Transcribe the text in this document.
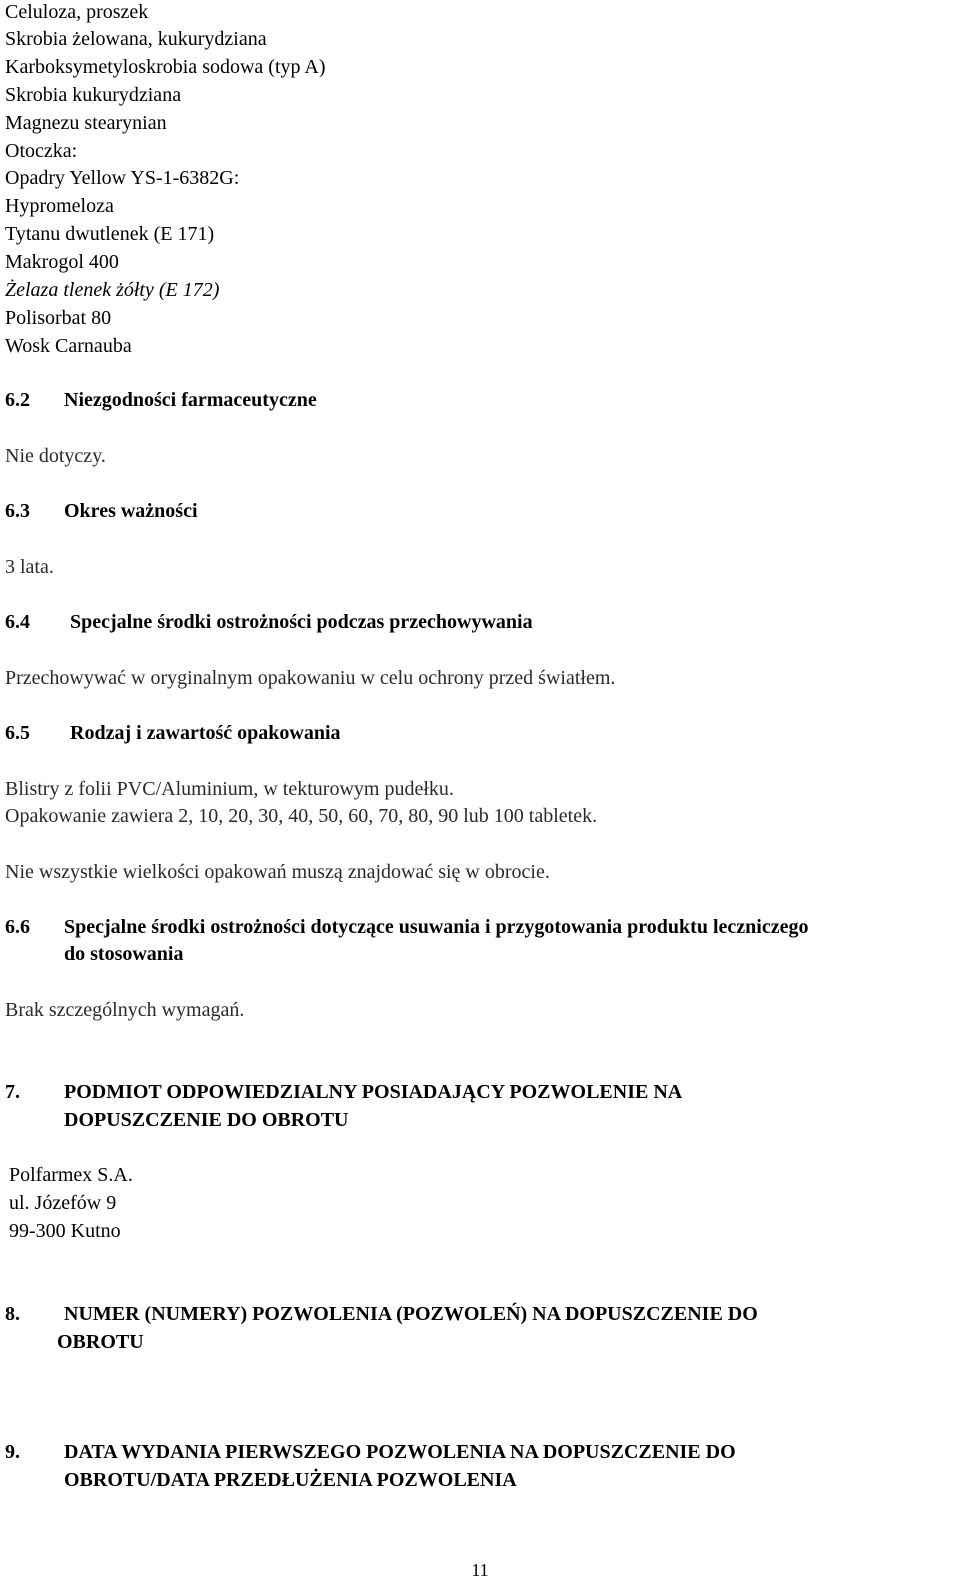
Celuloza, proszek
Skrobia żelowana, kukurydziana
Karboksymetyloskrobia sodowa (typ A)
Skrobia kukurydziana
Magnezu stearynian
Otoczka:
Opadry Yellow YS-1-6382G:
Hypromeloza
Tytanu dwutlenek (E 171)
Makrogol 400
Żelaza tlenek żółty (E 172)
Polisorbat 80
Wosk Carnauba
6.2 Niezgodności farmaceutyczne
Nie dotyczy.
6.3 Okres ważności
3 lata.
6.4 Specjalne środki ostrożności podczas przechowywania
Przechowywać w oryginalnym opakowaniu w celu ochrony przed światłem.
6.5 Rodzaj i zawartość opakowania
Blistry z folii PVC/Aluminium, w tekturowym pudełku.
Opakowanie zawiera 2, 10, 20, 30, 40, 50, 60, 70, 80, 90 lub 100 tabletek.
Nie wszystkie wielkości opakowań muszą znajdować się w obrocie.
6.6 Specjalne środki ostrożności dotyczące usuwania i przygotowania produktu leczniczego
do stosowania
Brak szczególnych wymagań.
7. PODMIOT ODPOWIEDZIALNY POSIADAJĄCY POZWOLENIE NA
DOPUSZCZENIE DO OBROTU
Polfarmex S.A.
ul. Józefów 9
99-300 Kutno
8. NUMER (NUMERY) POZWOLENIA (POZWOLEŃ) NA DOPUSZCZENIE DO
OBROTU
9. DATA WYDANIA PIERWSZEGO POZWOLENIA NA DOPUSZCZENIE DO
OBROTU/DATA PRZEDŁUŻENIA POZWOLENIA
11
